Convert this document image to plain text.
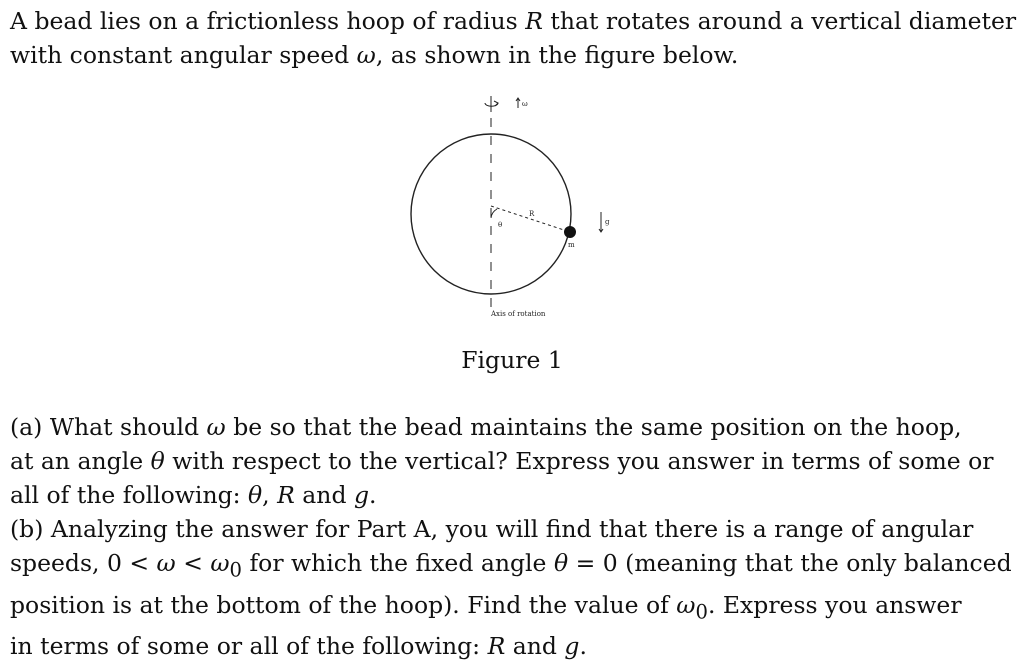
A bead lies on a frictionless hoop of radius R that rotates around a vertical diameter
with constant angular speed ω, as shown in the figure below.

ω
R
θ
m
g
Axis of rotation
Figure 1

(a) What should ω be so that the bead maintains the same position on the hoop,
at an angle θ with respect to the vertical? Express you answer in terms of some or
all of the following: θ, R and g.

(b) Analyzing the answer for Part A, you will find that there is a range of angular
speeds, $0 < \omega < \omega_0$ for which the fixed angle θ = 0 (meaning that the only balanced
position is at the bottom of the hoop). Find the value of $\omega_0$. Express you answer
in terms of some or all of the following: R and g.
